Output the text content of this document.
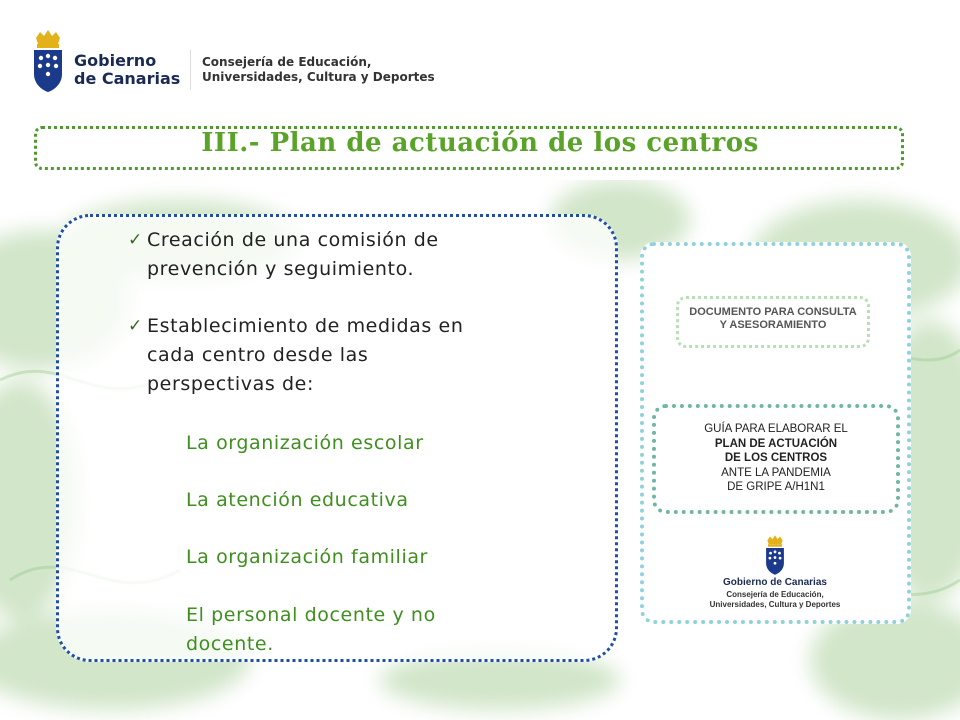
Gobierno
de Canarias
Consejería de Educación,
Universidades, Cultura y Deportes
III.- Plan de actuación de los centros
✓ Creación de una comisión de
prevención y seguimiento.
✓ Establecimiento de medidas en
cada centro desde las
perspectivas de:
La organización escolar
La atención educativa
La organización familiar
El personal docente y no
docente.
DOCUMENTO PARA CONSULTA
Y ASESORAMIENTO
GUÍA PARA ELABORAR EL
PLAN DE ACTUACIÓN
DE LOS CENTROS
ANTE LA PANDEMIA
DE GRIPE A/H1N1
Gobierno de Canarias
Consejería de Educación,
Universidades, Cultura y Deportes
